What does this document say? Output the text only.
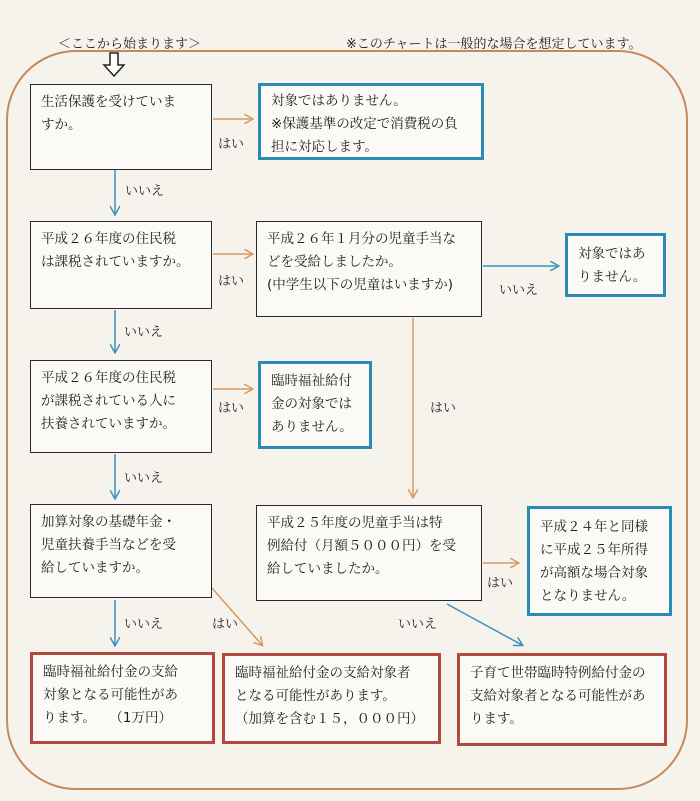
＜ここから始まります＞	※このチャートは一般的な場合を想定しています。
生活保護を受けていま
すか。
対象ではありません。
※保護基準の改定で消費税の負
担に対応します。
平成２６年度の住民税
は課税されていますか。
平成２６年１月分の児童手当な
どを受給しましたか。
(中学生以下の児童はいますか)
対象ではあ
りません。
平成２６年度の住民税
が課税されている人に
扶養されていますか。
臨時福祉給付
金の対象では
ありません。
加算対象の基礎年金・
児童扶養手当などを受
給していますか。
平成２５年度の児童手当は特
例給付（月額５０００円）を受
給していましたか。
平成２４年と同様
に平成２５年所得
が高額な場合対象
となりません。
臨時福祉給付金の支給
対象となる可能性があ
ります。　　（1万円）
臨時福祉給付金の支給対象者
となる可能性があります。
（加算を含む１５，０００円）
子育て世帯臨時特例給付金の
支給対象者となる可能性があ
ります。
はい
いいえ
はい
いいえ
いいえ
はい
はい
いいえ
はい
いいえ	はい	いいえ
